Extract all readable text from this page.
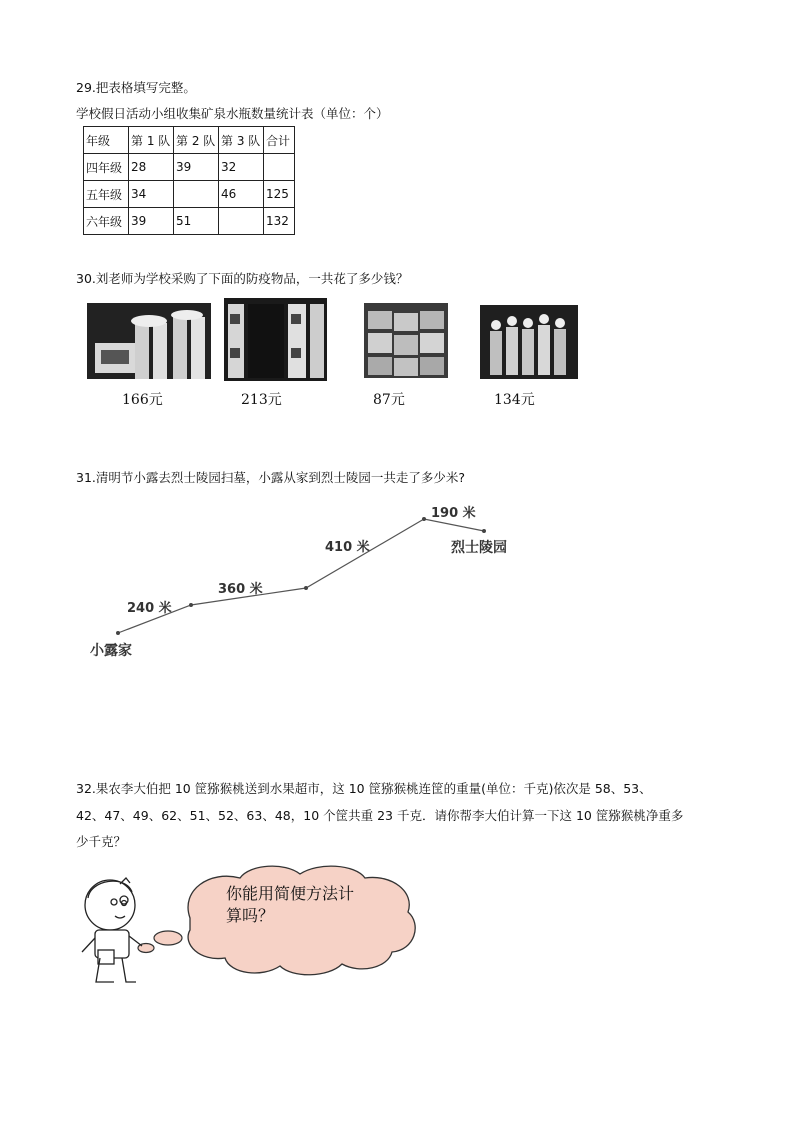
29.把表格填写完整。
学校假日活动小组收集矿泉水瓶数量统计表（单位：个）
年级	第 1 队	第 2 队	第 3 队	合计
四年级	28	39	32	
五年级	34		46	125
六年级	39	51		132
30.刘老师为学校采购了下面的防疫物品，一共花了多少钱？
166元	213元	87元	134元
31.清明节小露去烈士陵园扫墓，小露从家到烈士陵园一共走了多少米?
240 米
360 米
410 米
190 米
烈士陵园
小露家
32.果农李大伯把 10 筐猕猴桃送到水果超市，这 10 筐猕猴桃连筐的重量(单位：千克)依次是 58、53、
42、47、49、62、51、52、63、48，10 个筐共重 23 千克．请你帮李大伯计算一下这 10 筐猕猴桃净重多
少千克？
你能用简便方法计
算吗？
